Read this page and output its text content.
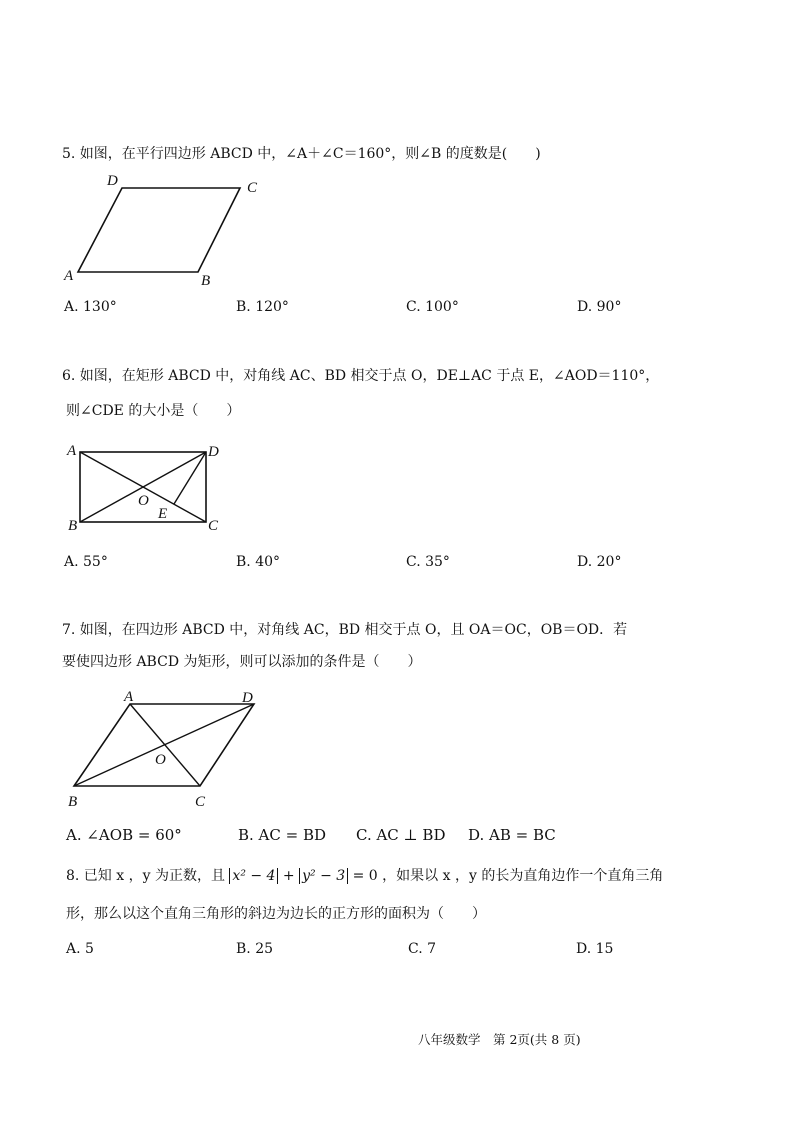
5. 如图，在平行四边形 ABCD 中，∠A＋∠C＝160°，则∠B 的度数是(　　)
D	C
A	B
A. 130°	B. 120°	C. 100°	D. 90°
6. 如图，在矩形 ABCD 中，对角线 AC、BD 相交于点 O，DE⊥AC 于点 E，∠AOD＝110°，
则∠CDE 的大小是（　　）
A	D
B	C
O
E
A. 55°	B. 40°	C. 35°	D. 20°
7. 如图，在四边形 ABCD 中，对角线 AC，BD 相交于点 O，且 OA＝OC，OB＝OD．若
要使四边形 ABCD 为矩形，则可以添加的条件是（　　）
A	D
B	C
O
A. ∠AOB = 60°	B. AC = BD C. AC ⊥ BD D. AB = BC
8. 已知 x ，y 为正数，且 x² − 4 + y² − 3 = 0 ，如果以 x ，y 的长为直角边作一个直角三角
形，那么以这个直角三角形的斜边为边长的正方形的面积为（　　）
A. 5	B. 25	C. 7	D. 15
八年级数学　第 2页(共 8 页)
